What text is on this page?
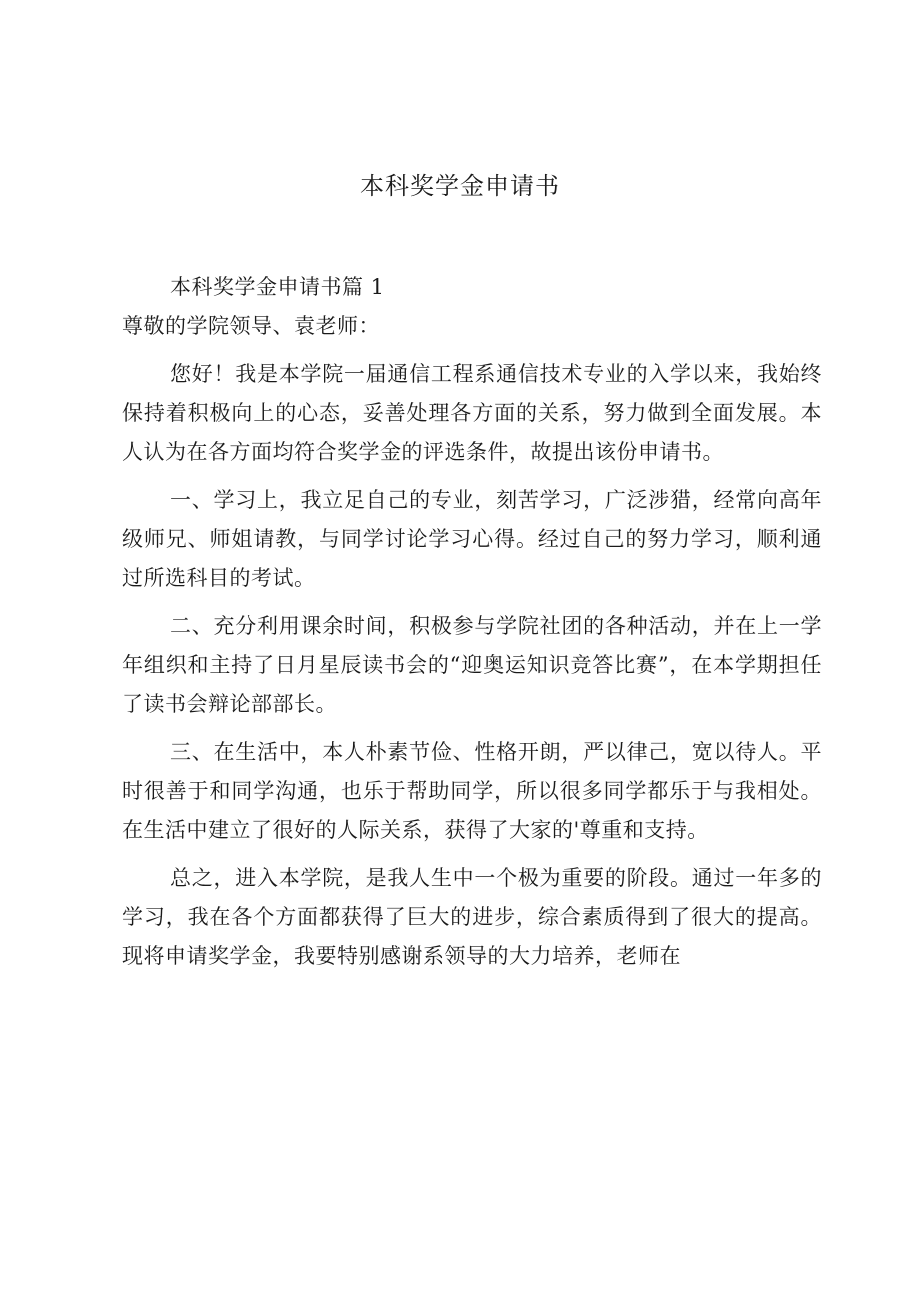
本科奖学金申请书

本科奖学金申请书篇 1

尊敬的学院领导、袁老师：

您好！我是本学院一届通信工程系通信技术专业的入学以来，我始终保持着积极向上的心态，妥善处理各方面的关系，努力做到全面发展。本人认为在各方面均符合奖学金的评选条件，故提出该份申请书。

一、学习上，我立足自己的专业，刻苦学习，广泛涉猎，经常向高年级师兄、师姐请教，与同学讨论学习心得。经过自己的努力学习，顺利通过所选科目的考试。

二、充分利用课余时间，积极参与学院社团的各种活动，并在上一学年组织和主持了日月星辰读书会的“迎奥运知识竞答比赛”，在本学期担任了读书会辩论部部长。

三、在生活中，本人朴素节俭、性格开朗，严以律己，宽以待人。平时很善于和同学沟通，也乐于帮助同学，所以很多同学都乐于与我相处。在生活中建立了很好的人际关系，获得了大家的'尊重和支持。

总之，进入本学院，是我人生中一个极为重要的阶段。通过一年多的学习，我在各个方面都获得了巨大的进步，综合素质得到了很大的提高。现将申请奖学金，我要特别感谢系领导的大力培养，老师在
